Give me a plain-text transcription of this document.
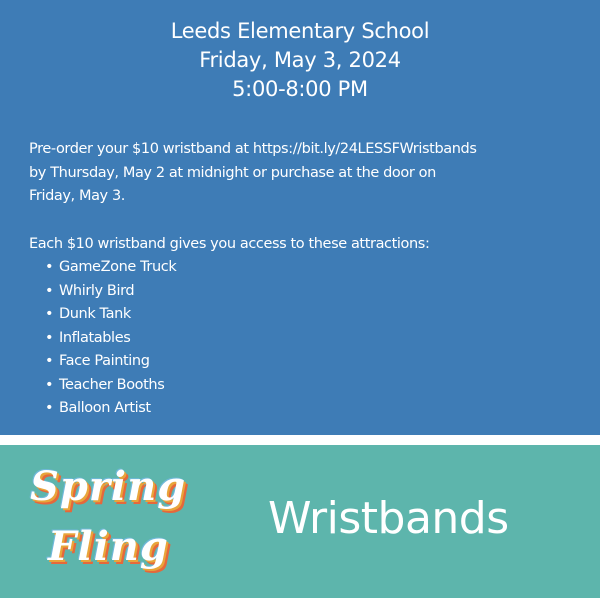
Leeds Elementary School
Friday, May 3, 2024
5:00-8:00 PM

Pre-order your $10 wristband at https://bit.ly/24LESSFWristbands

by Thursday, May 2 at midnight or purchase at the door on

Friday, May 3.

Each $10 wristband gives you access to these attractions:
• GameZone Truck
• Whirly Bird
• Dunk Tank
• Inflatables
• Face Painting
• Teacher Booths
• Balloon Artist
Spring
Fling
Wristbands
